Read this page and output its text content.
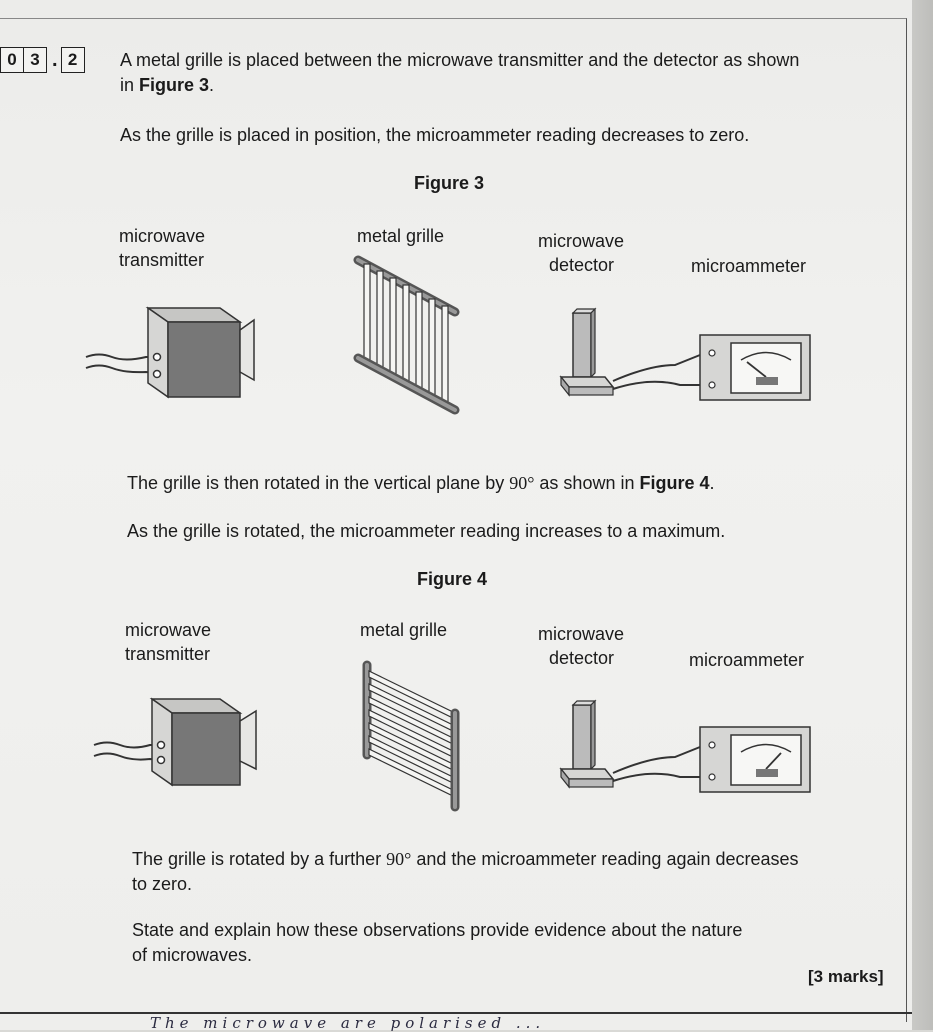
0 3 . 2	A metal grille is placed between the microwave transmitter and the detector as shown
in Figure 3.
As the grille is placed in position, the microammeter reading decreases to zero.
Figure 3
microwave
transmitter
metal grille	microwave
detector	microammeter
The grille is then rotated in the vertical plane by 90° as shown in Figure 4.
As the grille is rotated, the microammeter reading increases to a maximum.
Figure 4
microwave
transmitter
metal grille	microwave
detector	microammeter
The grille is rotated by a further 90° and the microammeter reading again decreases
to zero.
State and explain how these observations provide evidence about the nature
of microwaves.
[3 marks]
The microwave are polarised ...
